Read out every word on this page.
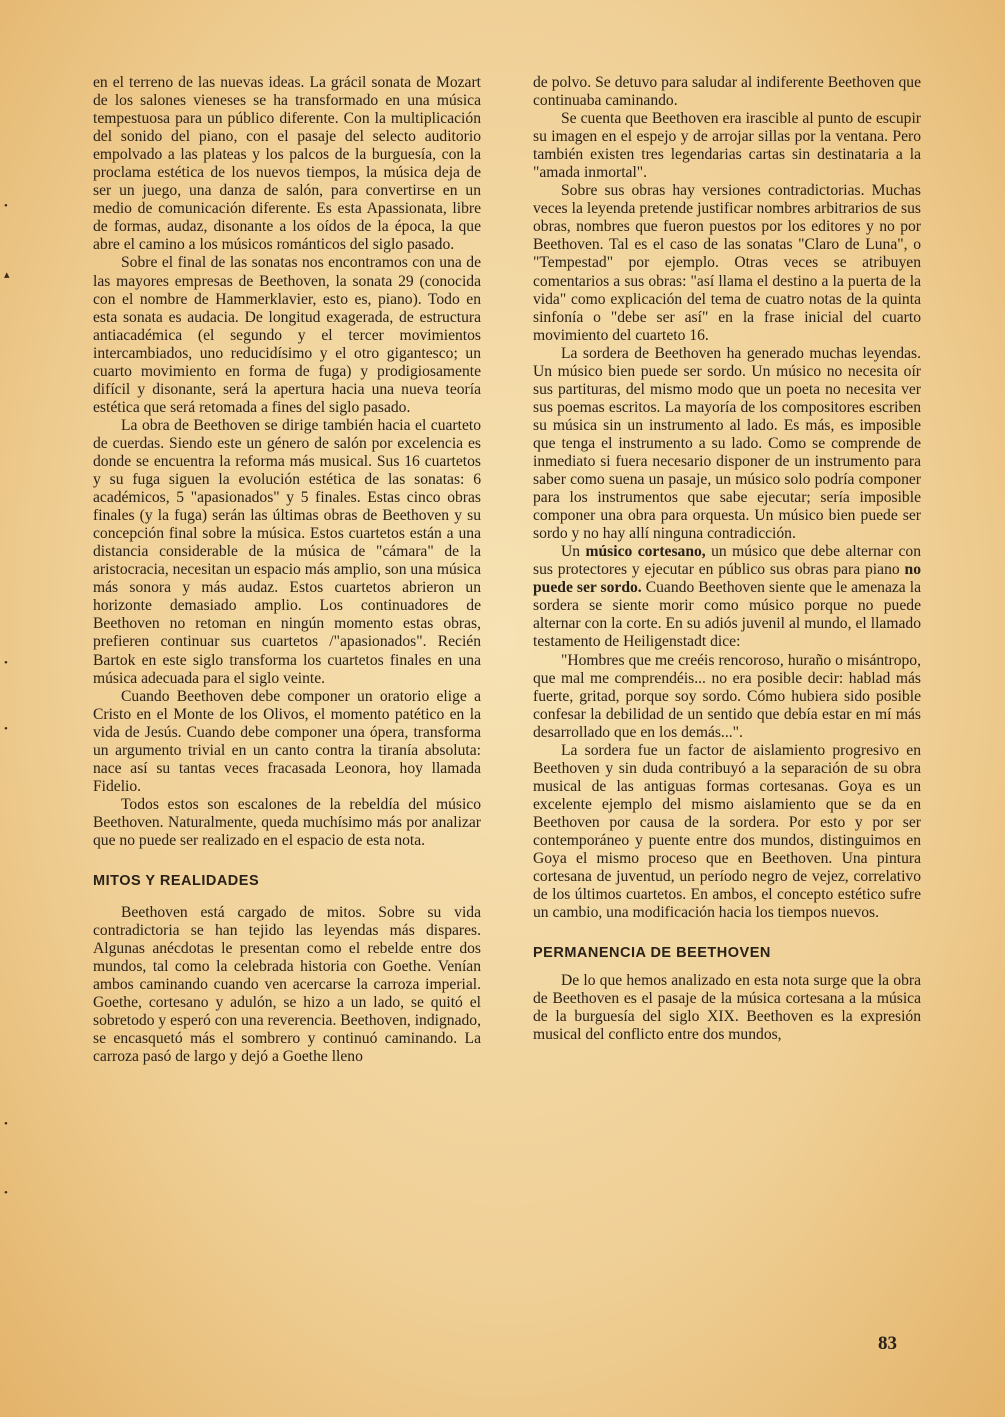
en el terreno de las nuevas ideas. La grácil sonata de Mozart de los salones vieneses se ha transformado en una música tempestuosa para un público diferente. Con la multiplicación del sonido del piano, con el pasaje del selecto auditorio empolvado a las plateas y los palcos de la burguesía, con la proclama estética de los nuevos tiempos, la música deja de ser un juego, una danza de salón, para convertirse en un medio de comunicación diferente. Es esta Apassionata, libre de formas, audaz, disonante a los oídos de la época, la que abre el camino a los músicos románticos del siglo pasado.

Sobre el final de las sonatas nos encontramos con una de las mayores empresas de Beethoven, la sonata 29 (conocida con el nombre de Hammerklavier, esto es, piano). Todo en esta sonata es audacia. De longitud exagerada, de estructura antiacadémica (el segundo y el tercer movimientos intercambiados, uno reducidísimo y el otro gigantesco; un cuarto movimiento en forma de fuga) y prodigiosamente difícil y disonante, será la apertura hacia una nueva teoría estética que será retomada a fines del siglo pasado.

La obra de Beethoven se dirige también hacia el cuarteto de cuerdas. Siendo este un género de salón por excelencia es donde se encuentra la reforma más musical. Sus 16 cuartetos y su fuga siguen la evolución estética de las sonatas: 6 académicos, 5 "apasionados" y 5 finales. Estas cinco obras finales (y la fuga) serán las últimas obras de Beethoven y su concepción final sobre la música. Estos cuartetos están a una distancia considerable de la música de "cámara" de la aristocracia, necesitan un espacio más amplio, son una música más sonora y más audaz. Estos cuartetos abrieron un horizonte demasiado amplio. Los continuadores de Beethoven no retoman en ningún momento estas obras, prefieren continuar sus cuartetos /"apasionados". Recién Bartok en este siglo transforma los cuartetos finales en una música adecuada para el siglo veinte.

Cuando Beethoven debe componer un oratorio elige a Cristo en el Monte de los Olivos, el momento patético en la vida de Jesús. Cuando debe componer una ópera, transforma un argumento trivial en un canto contra la tiranía absoluta: nace así su tantas veces fracasada Leonora, hoy llamada Fidelio.

Todos estos son escalones de la rebeldía del músico Beethoven. Naturalmente, queda muchísimo más por analizar que no puede ser realizado en el espacio de esta nota.

MITOS Y REALIDADES

Beethoven está cargado de mitos. Sobre su vida contradictoria se han tejido las leyendas más dispares. Algunas anécdotas le presentan como el rebelde entre dos mundos, tal como la celebrada historia con Goethe. Venían ambos caminando cuando ven acercarse la carroza imperial. Goethe, cortesano y adulón, se hizo a un lado, se quitó el sobretodo y esperó con una reverencia. Beethoven, indignado, se encasquetó más el sombrero y continuó caminando. La carroza pasó de largo y dejó a Goethe lleno

de polvo. Se detuvo para saludar al indiferente Beethoven que continuaba caminando.

Se cuenta que Beethoven era irascible al punto de escupir su imagen en el espejo y de arrojar sillas por la ventana. Pero también existen tres legendarias cartas sin destinataria a la "amada inmortal".

Sobre sus obras hay versiones contradictorias. Muchas veces la leyenda pretende justificar nombres arbitrarios de sus obras, nombres que fueron puestos por los editores y no por Beethoven. Tal es el caso de las sonatas "Claro de Luna", o "Tempestad" por ejemplo. Otras veces se atribuyen comentarios a sus obras: "así llama el destino a la puerta de la vida" como explicación del tema de cuatro notas de la quinta sinfonía o "debe ser así" en la frase inicial del cuarto movimiento del cuarteto 16.

La sordera de Beethoven ha generado muchas leyendas. Un músico bien puede ser sordo. Un músico no necesita oír sus partituras, del mismo modo que un poeta no necesita ver sus poemas escritos. La mayoría de los compositores escriben su música sin un instrumento al lado. Es más, es imposible que tenga el instrumento a su lado. Como se comprende de inmediato si fuera necesario disponer de un instrumento para saber como suena un pasaje, un músico solo podría componer para los instrumentos que sabe ejecutar; sería imposible componer una obra para orquesta. Un músico bien puede ser sordo y no hay allí ninguna contradicción.

Un músico cortesano, un músico que debe alternar con sus protectores y ejecutar en público sus obras para piano no puede ser sordo. Cuando Beethoven siente que le amenaza la sordera se siente morir como músico porque no puede alternar con la corte. En su adiós juvenil al mundo, el llamado testamento de Heiligenstadt dice:

"Hombres que me creéis rencoroso, huraño o misántropo, que mal me comprendéis... no era posible decir: hablad más fuerte, gritad, porque soy sordo. Cómo hubiera sido posible confesar la debilidad de un sentido que debía estar en mí más desarrollado que en los demás...".

La sordera fue un factor de aislamiento progresivo en Beethoven y sin duda contribuyó a la separación de su obra musical de las antiguas formas cortesanas. Goya es un excelente ejemplo del mismo aislamiento que se da en Beethoven por causa de la sordera. Por esto y por ser contemporáneo y puente entre dos mundos, distinguimos en Goya el mismo proceso que en Beethoven. Una pintura cortesana de juventud, un período negro de vejez, correlativo de los últimos cuartetos. En ambos, el concepto estético sufre un cambio, una modificación hacia los tiempos nuevos.

PERMANENCIA DE BEETHOVEN

De lo que hemos analizado en esta nota surge que la obra de Beethoven es el pasaje de la música cortesana a la música de la burguesía del siglo XIX. Beethoven es la expresión musical del conflicto entre dos mundos,

83
•
▴
•
•
•
•
